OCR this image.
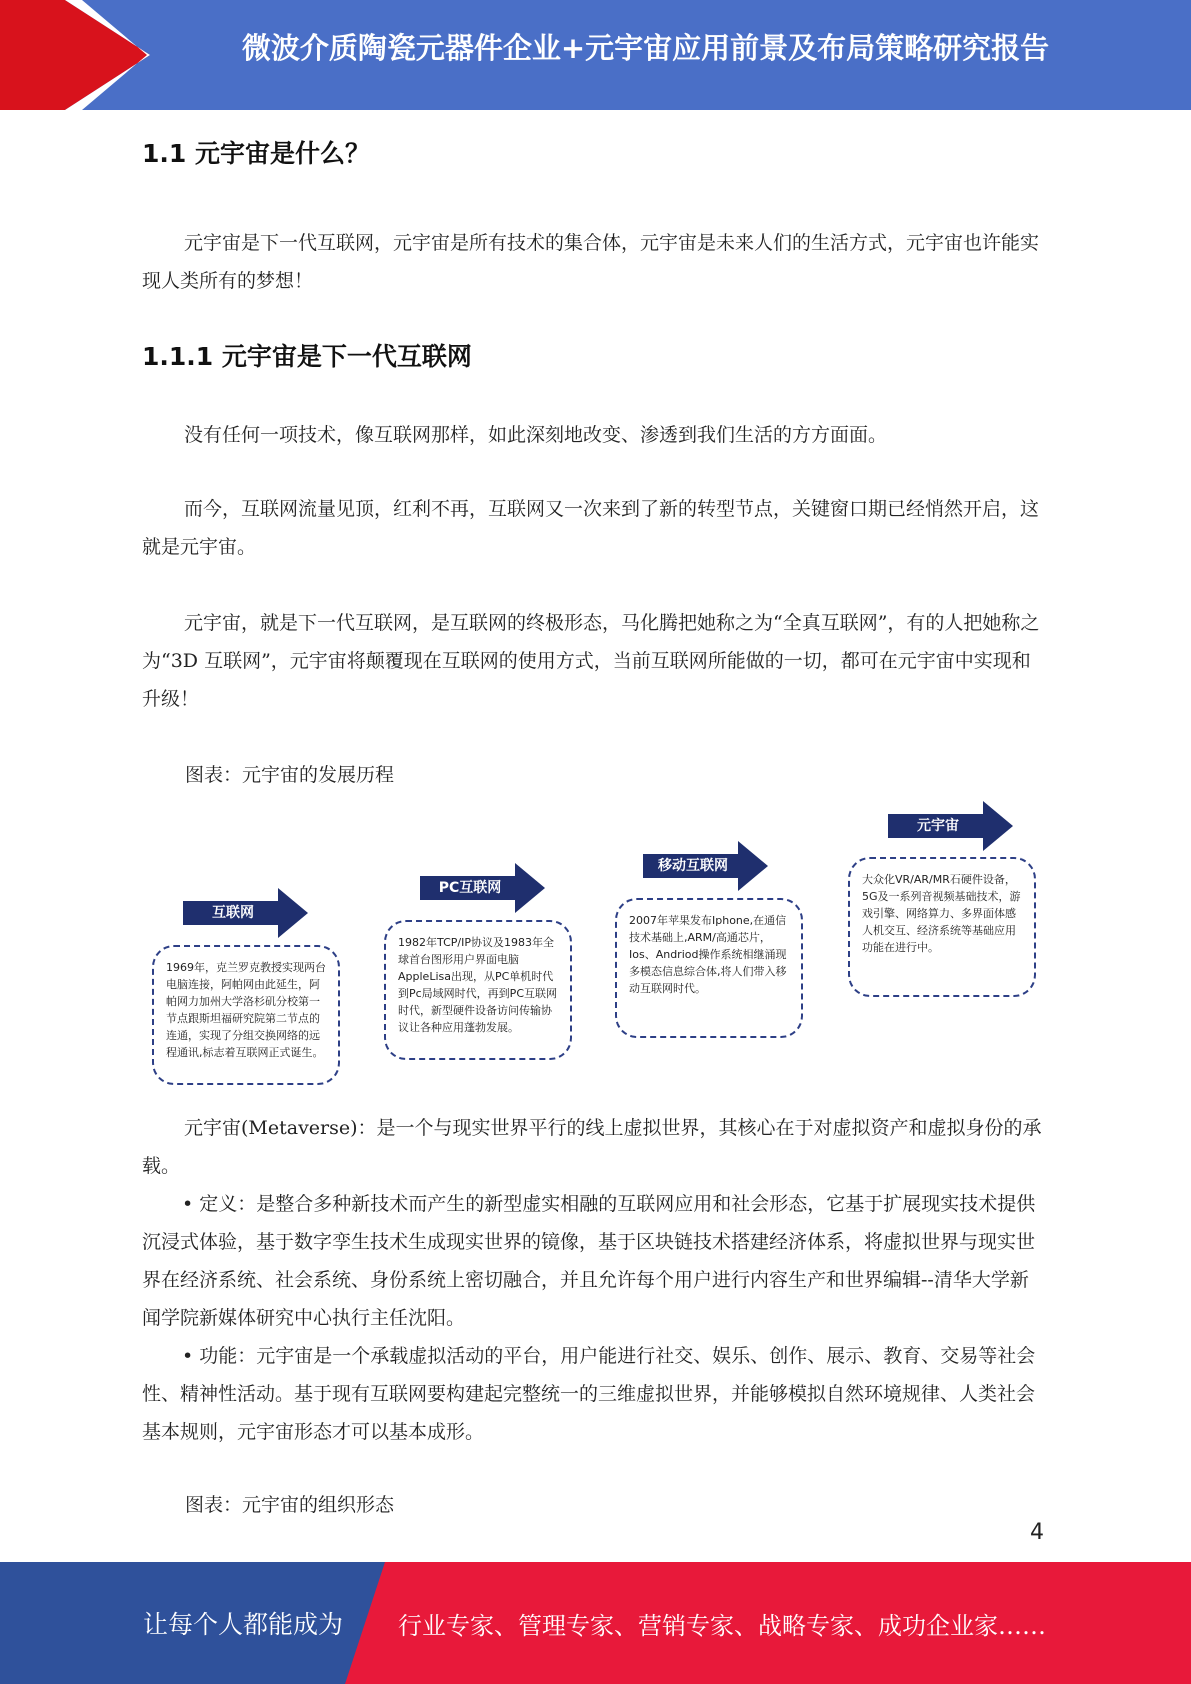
微波介质陶瓷元器件企业+元宇宙应用前景及布局策略研究报告
1.1 元宇宙是什么？
元宇宙是下一代互联网，元宇宙是所有技术的集合体，元宇宙是未来人们的生活方式，元宇宙也许能实现人类所有的梦想！
1.1.1 元宇宙是下一代互联网
没有任何一项技术，像互联网那样，如此深刻地改变、渗透到我们生活的方方面面。
而今，互联网流量见顶，红利不再，互联网又一次来到了新的转型节点，关键窗口期已经悄然开启，这就是元宇宙。
元宇宙，就是下一代互联网，是互联网的终极形态，马化腾把她称之为“全真互联网”，有的人把她称之为“3D 互联网”，元宇宙将颠覆现在互联网的使用方式，当前互联网所能做的一切，都可在元宇宙中实现和升级！
图表：元宇宙的发展历程
互联网
1969年，克兰罗克教授实现两台电脑连接，阿帕网由此延生，阿帕网力加州大学洛杉矶分校第一节点跟斯坦福研究院第二节点的连通，实现了分组交换网络的远程通讯,标志着互联网正式诞生。
PC互联网
1982年TCP/IP协议及1983年全球首台图形用户界面电脑AppleLisa出现，从PC单机时代到Pc局域网时代，再到PC互联网时代，新型硬件设备访问传输协议让各种应用蓬勃发展。
移动互联网
2007年苹果发布Iphone,在通信技术基础上,ARM/高通芯片，Ios、Andriod操作系统相继涌现多模态信息综合体,将人们带入移动互联网时代。
元宇宙
大众化VR/AR/MR石硬件设备，5G及一系列音视频基础技术，游戏引擎、网络算力、多界面体感人机交互、经济系统等基础应用功能在进行中。
元宇宙(Metaverse)：是一个与现实世界平行的线上虚拟世界，其核心在于对虚拟资产和虚拟身份的承载。
• 定义：是整合多种新技术而产生的新型虚实相融的互联网应用和社会形态，它基于扩展现实技术提供沉浸式体验，基于数字孪生技术生成现实世界的镜像，基于区块链技术搭建经济体系，将虚拟世界与现实世界在经济系统、社会系统、身份系统上密切融合，并且允许每个用户进行内容生产和世界编辑--清华大学新闻学院新媒体研究中心执行主任沈阳。
• 功能：元宇宙是一个承载虚拟活动的平台，用户能进行社交、娱乐、创作、展示、教育、交易等社会性、精神性活动。基于现有互联网要构建起完整统一的三维虚拟世界，并能够模拟自然环境规律、人类社会基本规则，元宇宙形态才可以基本成形。
图表：元宇宙的组织形态
4
让每个人都能成为 行业专家、管理专家、营销专家、战略专家、成功企业家……
